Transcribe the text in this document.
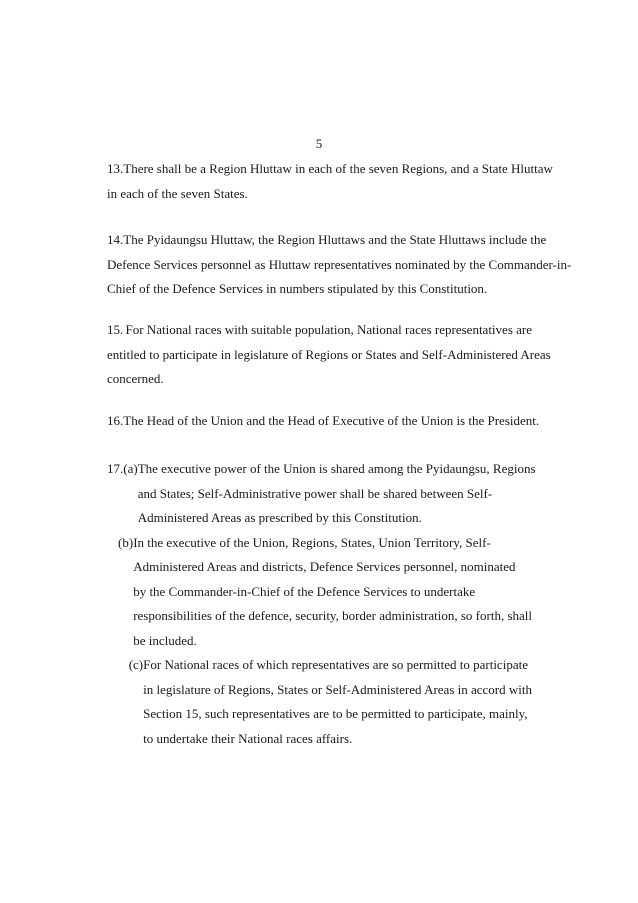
5
13. There shall be a Region Hluttaw in each of the seven Regions, and a State Hluttaw
in each of the seven States.
14. The Pyidaungsu Hluttaw, the Region Hluttaws and the State Hluttaws include the
Defence Services personnel as Hluttaw representatives nominated by the Commander-in-
Chief of the Defence Services in numbers stipulated by this Constitution.
15. For National races with suitable population, National races representatives are
entitled to participate in legislature of Regions or States and Self-Administered Areas
concerned.
16. The Head of the Union and the Head of Executive of the Union is the President.
17. (a) The executive power of the Union is shared among the Pyidaungsu, Regions
and States; Self-Administrative power shall be shared between Self-
Administered Areas as prescribed by this Constitution.
(b) In the executive of the Union, Regions, States, Union Territory, Self-
Administered Areas and districts, Defence Services personnel, nominated
by the Commander-in-Chief of the Defence Services to undertake
responsibilities of the defence, security, border administration, so forth, shall
be included.
(c) For National races of which representatives are so permitted to participate
in legislature of Regions, States or Self-Administered Areas in accord with
Section 15, such representatives are to be permitted to participate, mainly,
to undertake their National races affairs.
